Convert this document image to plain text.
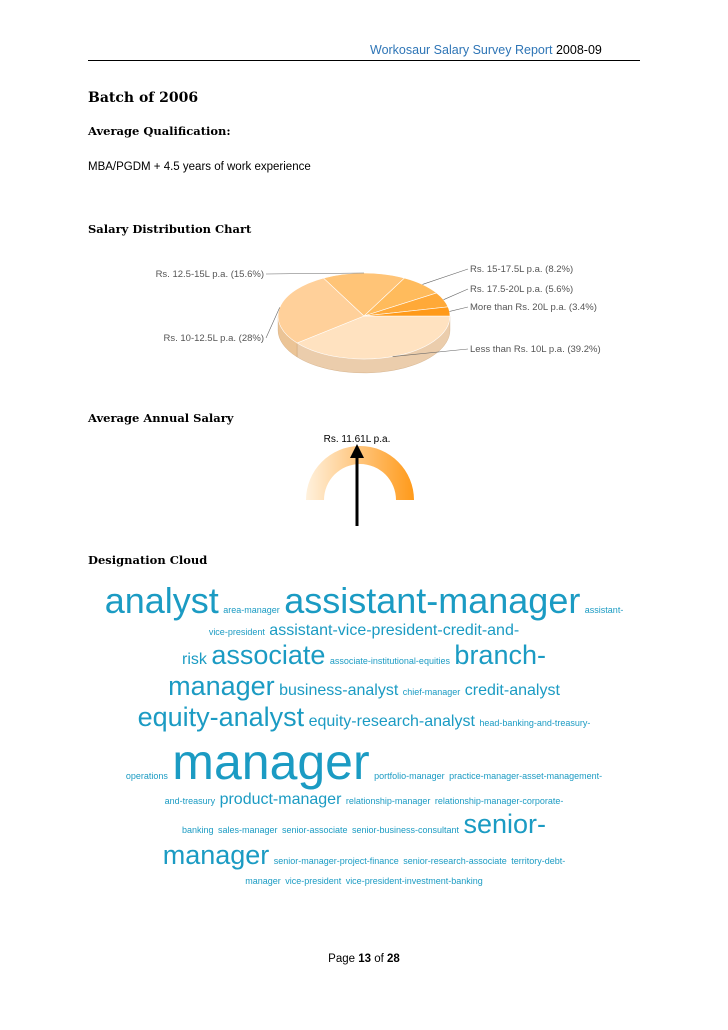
Workosaur Salary Survey Report 2008-09
Batch of 2006
Average Qualification:
MBA/PGDM + 4.5 years of work experience
Salary Distribution Chart
Less than Rs. 10L p.a. (39.2%)
Rs. 10-12.5L p.a. (28%)
Rs. 12.5-15L p.a. (15.6%)	Rs. 15-17.5L p.a. (8.2%)
Rs. 17.5-20L p.a. (5.6%)
More than Rs. 20L p.a. (3.4%)
Average Annual Salary
Rs. 11.61L p.a.
Designation Cloud
analyst area-manager assistant-manager assistant-
vice-president assistant-vice-president-credit-and-
risk associate associate-institutional-equities branch-
manager business-analyst chief-manager credit-analyst
equity-analyst equity-research-analyst head-banking-and-treasury-
operations manager portfolio-manager practice-manager-asset-management-
and-treasury product-manager relationship-manager relationship-manager-corporate-
banking sales-manager senior-associate senior-business-consultant senior-
manager senior-manager-project-finance senior-research-associate territory-debt-
manager vice-president vice-president-investment-banking
Page 13 of 28
